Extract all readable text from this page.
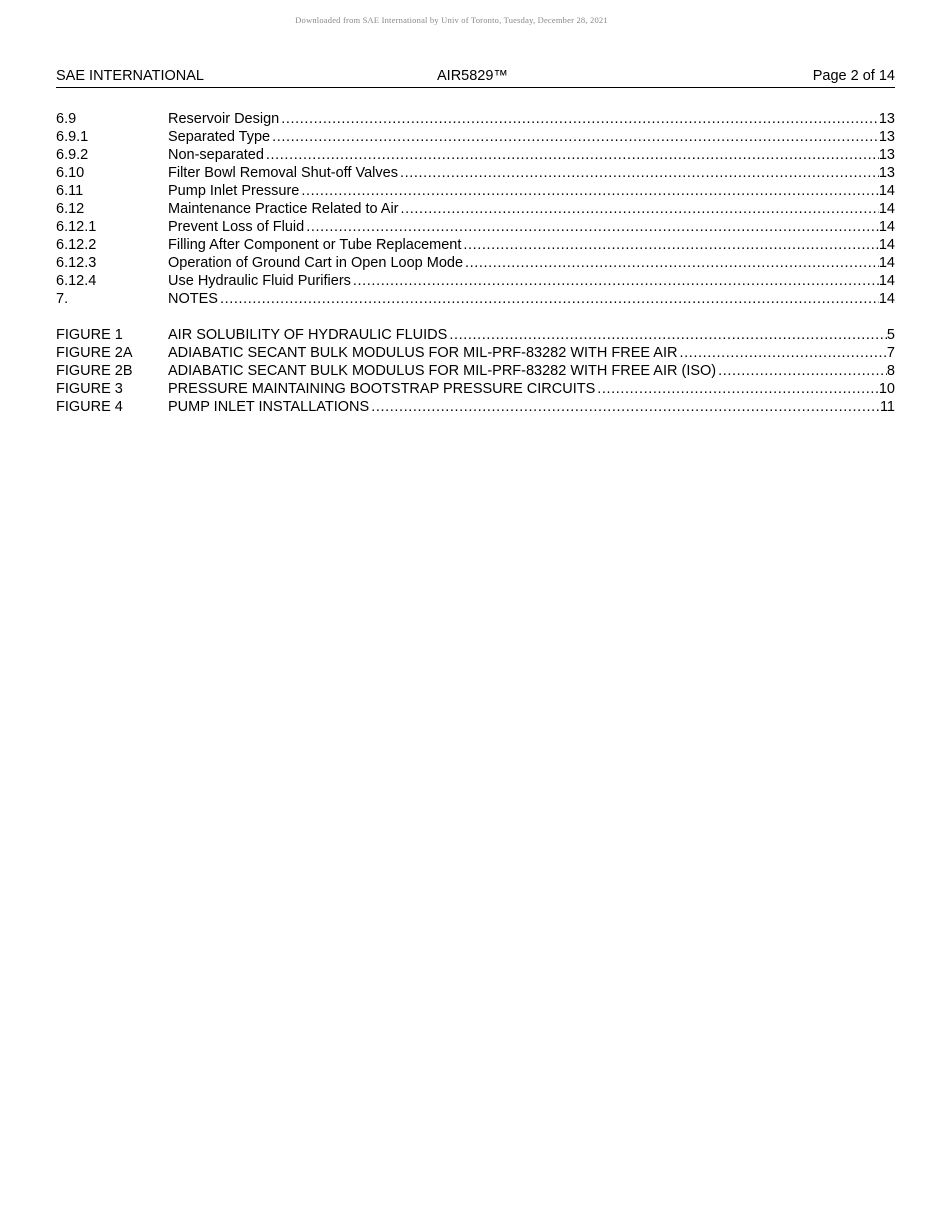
Downloaded from SAE International by Univ of Toronto, Tuesday, December 28, 2021
SAE INTERNATIONAL	AIR5829™	Page 2 of 14
6.9	Reservoir Design .....	13
6.9.1	Separated Type .....	13
6.9.2	Non-separated .....	13
6.10	Filter Bowl Removal Shut-off Valves .....	13
6.11	Pump Inlet Pressure .....	14
6.12	Maintenance Practice Related to Air .....	14
6.12.1	Prevent Loss of Fluid .....	14
6.12.2	Filling After Component or Tube Replacement .....	14
6.12.3	Operation of Ground Cart in Open Loop Mode .....	14
6.12.4	Use Hydraulic Fluid Purifiers .....	14
7.	NOTES .....	14
FIGURE 1	AIR SOLUBILITY OF HYDRAULIC FLUIDS .....	5
FIGURE 2A ADIABATIC SECANT BULK MODULUS FOR MIL-PRF-83282 WITH FREE AIR .....	7
FIGURE 2B ADIABATIC SECANT BULK MODULUS FOR MIL-PRF-83282 WITH FREE AIR (ISO) .....	8
FIGURE 3	PRESSURE MAINTAINING BOOTSTRAP PRESSURE CIRCUITS .....	10
FIGURE 4	PUMP INLET INSTALLATIONS .....	11
